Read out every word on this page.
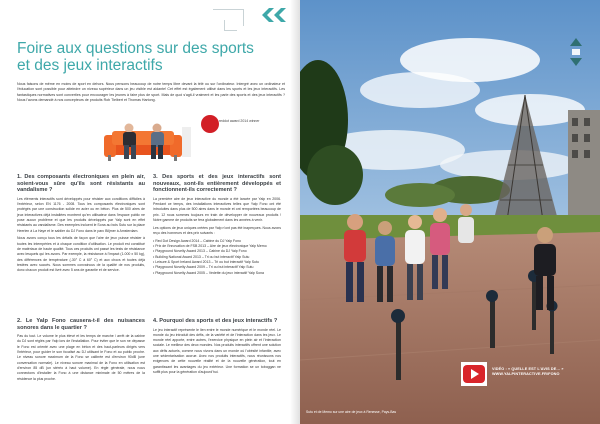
Foire aux questions sur des sports et des jeux interactifs
Nous faisons de même en moins de sport en dehors. Nous pensons beaucoup de notre temps libre devant la télé ou sur l'ordinateur. Intergré avec un ordinateur et l'éducation sont possible pour atteindre un niveau supérieur dans un jeu visible est aidante! Cet effet est également utilisé dans les sports et les jeux interactifs. Les fantastiques normatives sont converties pour encourager les jeunes à faire plus de sport. Mais de quoi s'agit-il vraiment et les parle des sports et des jeux interactifs ? Nous l'avons demandé à nos concepteurs de produits Rob Tielbert et Thomas Hartong.
reddot award 2014 winner
1. Des composants électroniques en plein air, soient-vous sûre qu'ils sont résistants au vandalisme ?

Les éléments interactifs sont développés pour résister aux conditions difficiles à l'extérieur, selon EN 1176 - 2008. Tous les composants électroniques sont protégés par une construction solide en acier ou en béton. Plus de 500 aires de jeux interactives déjà installées montrent qu'en utilisateur dans l'espace public ne pose aucun problème et que les produits développés par Yalp sont en effet résistants au vandalisme. Des exemples incluent le Sona au bois Sutu sur la place Heerlen à La Haye et le sablier du DJ Fono dans le parc Biljmer à Amsterdam.

Nous avons conçu tous les détails de façon que l'aire de jeux puisse résister à toutes les intempéries et à chaque condition d'utilisation. Le produit est constitué de matériaux de haute qualité. Tous ces produits ont passé les tests de résistance avec lesquels qui les avons. Par exemple, la résistance à l'impact (1.000 x 50 kg), des différences de température (-30° C à 60° C) et aux chocs et toutes déjà testées avec succès. Nous sommes convaincus de la qualité de nos produits, donc chacun produit est livré avec 5 ans de garantie et de service.

3. Des sports et des jeux interactifs sont nouveaux, sont-ils entièrement développés et fonctionnent-ils correctement ?

La première aire de jeux interactive du monde a été lancée par Yalp en 2006. Pendant ce temps, des installations interactives telles que Yalp Fono ont été introduites dans plus de 500 aires dans le monde et ont remportées beaucoup de prix. 12 nous sommes toujours en train de développer de nouveaux produits ! Notre gamme de produits se fera globalement dans les années à venir.

Les options de jeux uniques créées par Yalp n'ont pas été inaperçues. Nous avons reçu des honneurs et des prix suivants :

• Red Dot Design Award 2014 – Cabine du DJ Yalp Fono
• Prix de l'Innovation de FSB 2013 – Aire de jeux électronique Yalp Memo
• Playground Novelty Award 2013 – Cabine du DJ Yalp Fono
• Building National Award 2013 – Tri ou but interactif Yalp Sutu
• Leisure & Sport Ireland Award 2013 – Tri ou but interactif Yalp Sutu
• Playground Novelty Award 2009 – Tri ou but interactif Yalp Sutu
• Playground Novelty Award 2005 – Vedette du jeux interactif Yalp Sona
2. Le Yalp Fono causera-t-il des nuisances sonores dans le quartier ?

Pas du tout. Le volume le plus élevé et les temps de marche / arrêt de la cabine du DJ sont réglés par Yalp lors de l'installation. Pour éviter que le son ne dépasse le Fono est orienté avec une plage en béton et des haut-parleurs dirigés vers l'intérieur, pour guider le son focalisé au DJ utilisant le Fono et au public proche. Le niveau sonore maximum de la Fono se calibrée est d'environ 90dB (une conversation normale). Le niveau sonore maximal de la Fono en utilisation est d'environ 85 dB (un stéréo à haut volume). En règle générale, nous nous connectons d'installer la Fono à une distance minimale de 50 mètres de la résidence la plus proche.

4. Pourquoi des sports et des jeux interactifs ?

Le jeu interactif représente le lien entre le monde numérique et le monde réel. Le monde du jeu introduit des défis, de la variété et de l'interaction dans les jeux. Le monde réel apporte, entre autres, l'exercice physique en plein air et l'interaction sociale. Le meilleur des deux mondes. Nos produits interactifs offrent une solution aux défis actuels, comme nous vivons dans un monde où l'obésité infantile, avec une sédentarisation accrue. Avec nos produits interactifs, nous réunissons nos exigences de cette nouvelle réalité et de la nouvelle génération, tout en garantissant les avantages du jeu extérieur. Une formation se un toboggan ne suffit plus pour la génération d'aujourd'hui.

VIDÉO : « QUELLE EST L'AVIS DE… »
WWW.YALPINTERACTIVE.FR/FONO
Sutu et de Memo sur une aire de jeux à Renesse, Pays-Bas
